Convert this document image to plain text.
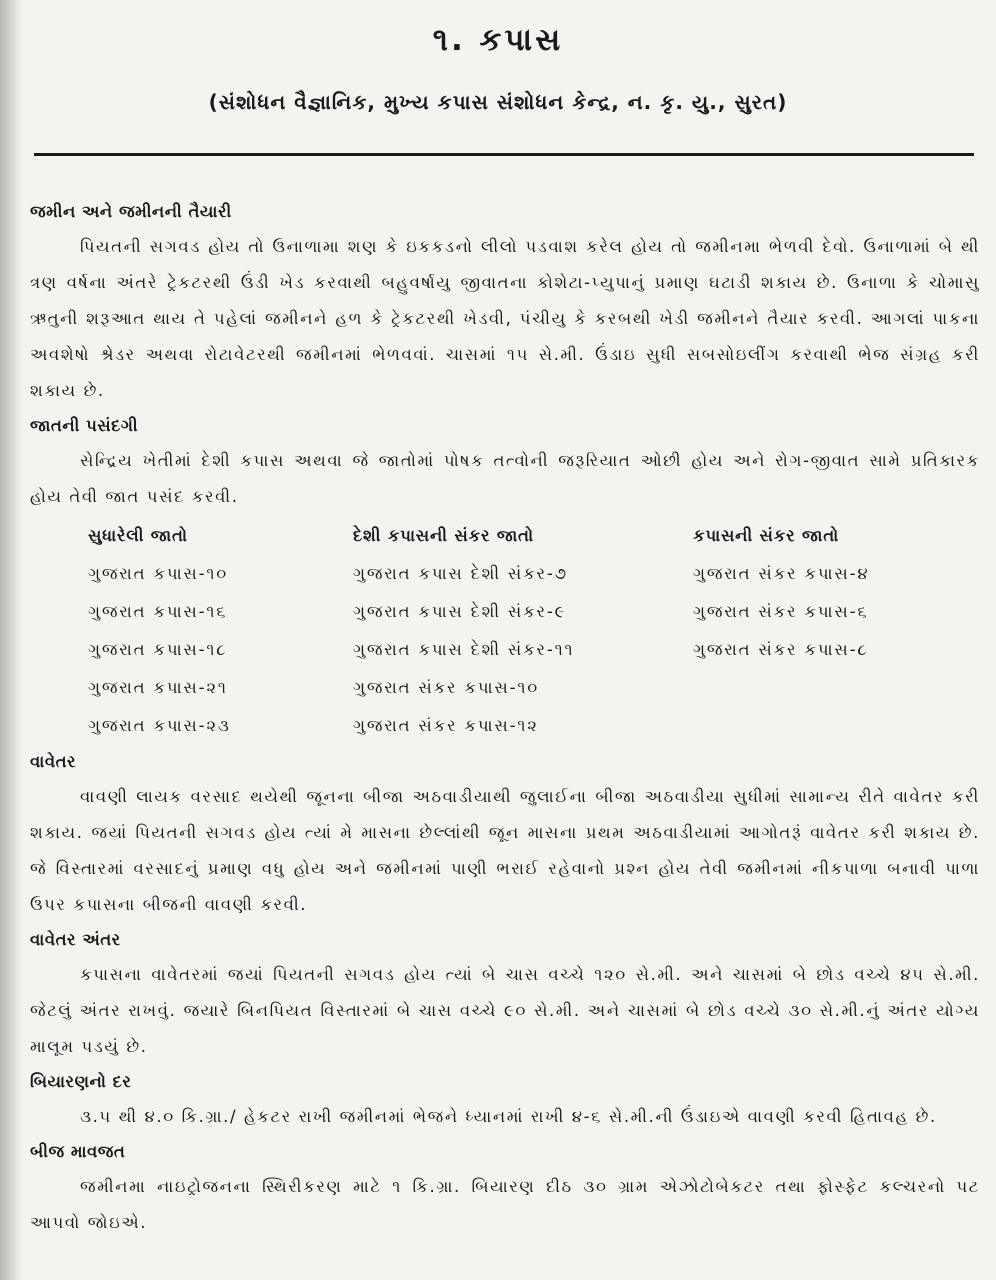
૧. કપાસ
(સંશોધન વૈજ્ઞાનિક, મુખ્ય કપાસ સંશોધન કેન્દ્ર, ન. કૃ. યુ., સુરત)
જમીન અને જમીનની તૈયારી

પિયતની સગવડ હોય તો ઉનાળામા શણ કે ઇકકડનો લીલો પડવાશ કરેલ હોય તો જમીનમા ભેળવી દેવો. ઉનાળામાં બે થી ત્રણ વર્ષના અંતરે ટ્રેકટરથી ઉંડી ખેડ કરવાથી બહુવર્ષાયુ જીવાતના કોશેટા-પ્યુપાનું પ્રમાણ ઘટાડી શકાય છે. ઉનાળા કે ચોમાસુ ઋતુની શરૂઆત થાય તે પહેલાં જમીનને હળ કે ટ્રેકટરથી ખેડવી, પંચીયુ કે કરબથી ખેડી જમીનને તૈયાર કરવી. આગલાં પાકના અવશેષો શ્રેડર અથવા રોટાવેટરથી જમીનમાં ભેળવવાં. ચાસમાં ૧૫ સે.મી. ઉંડાઇ સુધી સબસોઇલીંગ કરવાથી ભેજ સંગ્રહ કરી શકાય છે.

જાતની પસંદગી

સેન્દ્રિય ખેતીમાં દેશી કપાસ અથવા જે જાતોમાં પોષક તત્વોની જરૂરિયાત ઓછી હોય અને રોગ-જીવાત સામે પ્રતિકારક હોય તેવી જાત પસંદ કરવી.

સુધારેલી જાતો
ગુજરાત કપાસ-૧૦
ગુજરાત કપાસ-૧૬
ગુજરાત કપાસ-૧૮
ગુજરાત કપાસ-૨૧
ગુજરાત કપાસ-૨૩
દેશી કપાસની સંકર જાતો
ગુજરાત કપાસ દેશી સંકર-૭
ગુજરાત કપાસ દેશી સંકર-૯
ગુજરાત કપાસ દેશી સંકર-૧૧
ગુજરાત સંકર કપાસ-૧૦
ગુજરાત સંકર કપાસ-૧૨
કપાસની સંકર જાતો
ગુજરાત સંકર કપાસ-૪
ગુજરાત સંકર કપાસ-૬
ગુજરાત સંકર કપાસ-૮
વાવેતર

વાવણી લાયક વરસાદ થયેથી જૂનના બીજા અઠવાડીયાથી જુલાઈના બીજા અઠવાડીયા સુધીમાં સામાન્ય રીતે વાવેતર કરી શકાય. જયાં પિયતની સગવડ હોય ત્યાં મે માસના છેલ્લાંથી જૂન માસના પ્રથમ અઠવાડીયામાં આગોતરૂં વાવેતર કરી શકાય છે. જે વિસ્તારમાં વરસાદનું પ્રમાણ વધુ હોય અને જમીનમાં પાણી ભરાઈ રહેવાનો પ્રશ્ન હોય તેવી જમીનમાં નીકપાળા બનાવી પાળા ઉપર કપાસના બીજની વાવણી કરવી.

વાવેતર અંતર

કપાસના વાવેતરમાં જયાં પિયતની સગવડ હોય ત્યાં બે ચાસ વચ્ચે ૧૨૦ સે.મી. અને ચાસમાં બે છોડ વચ્ચે ૪૫ સે.મી. જેટલું અંતર રાખવું. જયારે બિનપિયત વિસ્તારમાં બે ચાસ વચ્ચે ૯૦ સે.મી. અને ચાસમાં બે છોડ વચ્ચે ૩૦ સે.મી.નું અંતર યોગ્ય માલૂમ પડયું છે.

બિયારણનો દર

૩.૫ થી ૪.૦ કિ.ગ્રા./ હેકટર રાખી જમીનમાં ભેજને ધ્યાનમાં રાખી ૪-૬ સે.મી.ની ઉંડાઇએ વાવણી કરવી હિતાવહ છે.

બીજ માવજત

જમીનમા નાઇટ્રોજનના સ્થિરીકરણ માટે ૧ કિ.ગ્રા. બિયારણ દીઠ ૩૦ ગ્રામ એઝોટોબેકટર તથા ફોસ્ફેટ કલ્ચરનો પટ આપવો જોઇએ.
